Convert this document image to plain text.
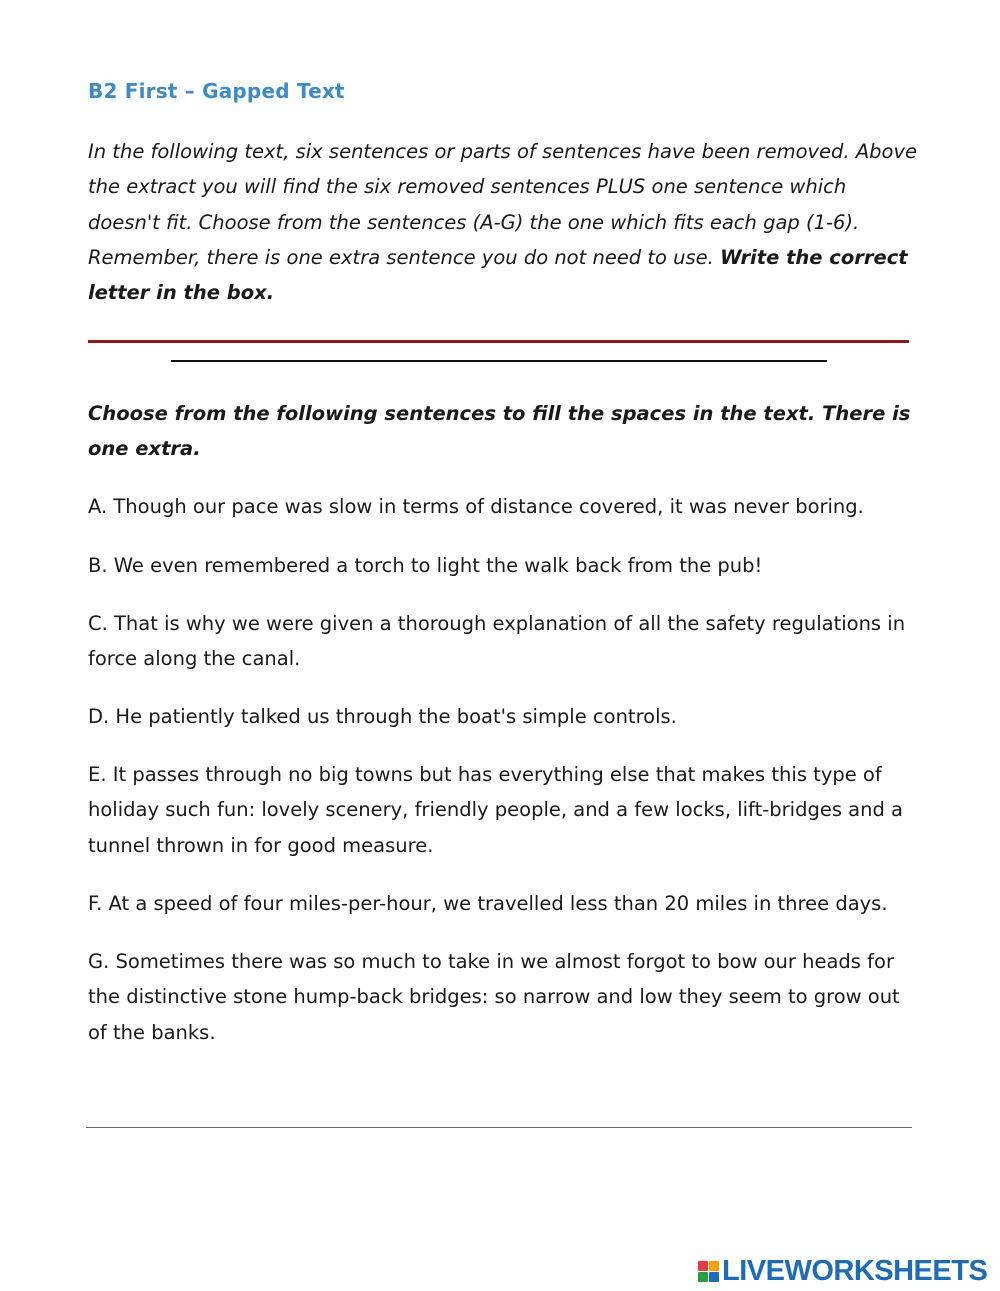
B2 First – Gapped Text
In the following text, six sentences or parts of sentences have been removed. Above the extract you will find the six removed sentences PLUS one sentence which doesn't fit. Choose from the sentences (A-G) the one which fits each gap (1-6). Remember, there is one extra sentence you do not need to use. Write the correct letter in the box.
Choose from the following sentences to fill the spaces in the text. There is one extra.
A. Though our pace was slow in terms of distance covered, it was never boring.
B. We even remembered a torch to light the walk back from the pub!
C. That is why we were given a thorough explanation of all the safety regulations in force along the canal.
D. He patiently talked us through the boat's simple controls.
E. It passes through no big towns but has everything else that makes this type of holiday such fun: lovely scenery, friendly people, and a few locks, lift-bridges and a tunnel thrown in for good measure.
F. At a speed of four miles-per-hour, we travelled less than 20 miles in three days.
G. Sometimes there was so much to take in we almost forgot to bow our heads for the distinctive stone hump-back bridges: so narrow and low they seem to grow out of the banks.
LIVEWORKSHEETS
